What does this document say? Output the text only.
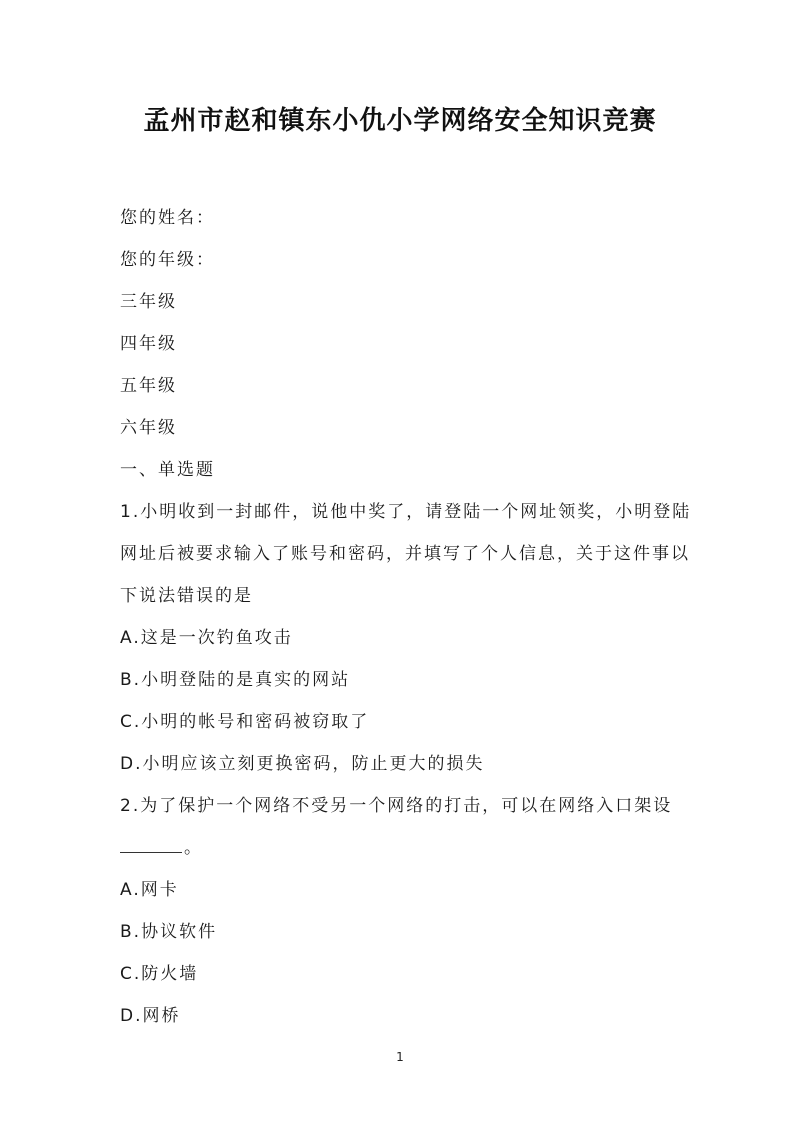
孟州市赵和镇东小仇小学网络安全知识竞赛
您的姓名：
您的年级：
三年级
四年级
五年级
六年级
一、单选题
1.小明收到一封邮件，说他中奖了，请登陆一个网址领奖，小明登陆
网址后被要求输入了账号和密码，并填写了个人信息，关于这件事以
下说法错误的是
A.这是一次钓鱼攻击
B.小明登陆的是真实的网站
C.小明的帐号和密码被窃取了
D.小明应该立刻更换密码，防止更大的损失
2.为了保护一个网络不受另一个网络的打击，可以在网络入口架设
。
A.网卡
B.协议软件
C.防火墙
D.网桥
1
